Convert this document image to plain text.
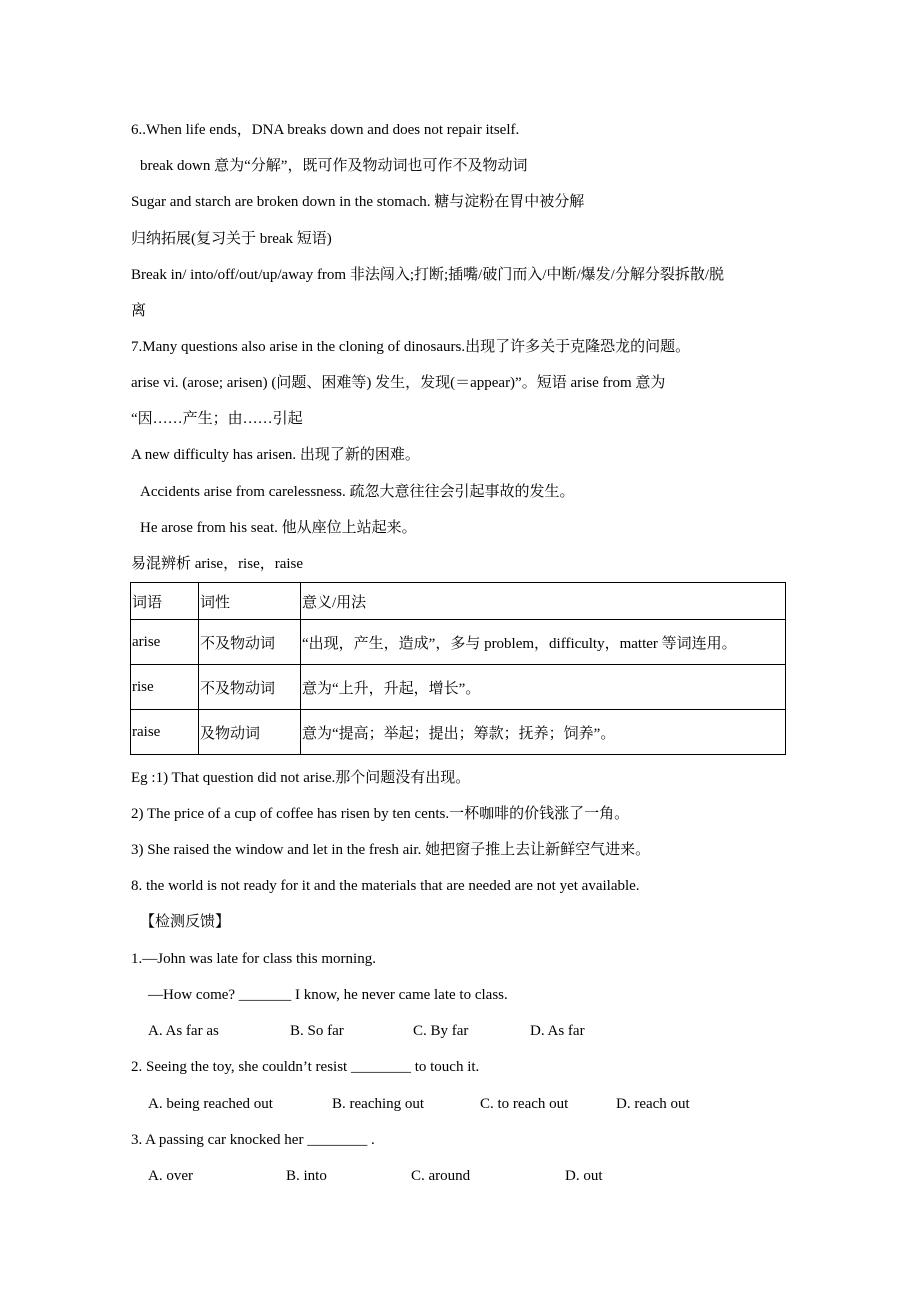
6..When life ends，DNA breaks down and does not repair itself.
break down 意为“分解”，既可作及物动词也可作不及物动词
Sugar and starch are broken down in the stomach. 糖与淀粉在胃中被分解
归纳拓展(复习关于 break 短语)
Break in/ into/off/out/up/away from 非法闯入;打断;插嘴/破门而入/中断/爆发/分解分裂拆散/脱
离
7.Many questions also arise in the cloning of dinosaurs.出现了许多关于克隆恐龙的问题。
arise vi. (arose; arisen) (问题、困难等) 发生，发现(＝appear)”。短语 arise from 意为
“因……产生；由……引起
A new difficulty has arisen. 出现了新的困难。
Accidents arise from carelessness. 疏忽大意往往会引起事故的发生。
He arose from his seat. 他从座位上站起来。
易混辨析 arise，rise，raise
词语	词性	意义/用法
arise	不及物动词	“出现，产生，造成”，多与 problem，difficulty，matter 等词连用。
rise	不及物动词	意为“上升，升起，增长”。
raise	及物动词	意为“提高；举起；提出；筹款；抚养；饲养”。
Eg :1) That question did not arise.那个问题没有出现。
2) The price of a cup of coffee has risen by ten cents.一杯咖啡的价钱涨了一角。
3) She raised the window and let in the fresh air. 她把窗子推上去让新鲜空气进来。
8. the world is not ready for it and the materials that are needed are not yet available.
【检测反馈】
1.—John was late for class this morning.
—How come? _______ I know, he never came late to class.
A. As far as	B. So far	C. By far	D. As far
2. Seeing the toy, she couldn’t resist ________ to touch it.
A. being reached out	B. reaching out	C. to reach out	D. reach out
3. A passing car knocked her ________ .
A. over	B. into	C. around	D. out
